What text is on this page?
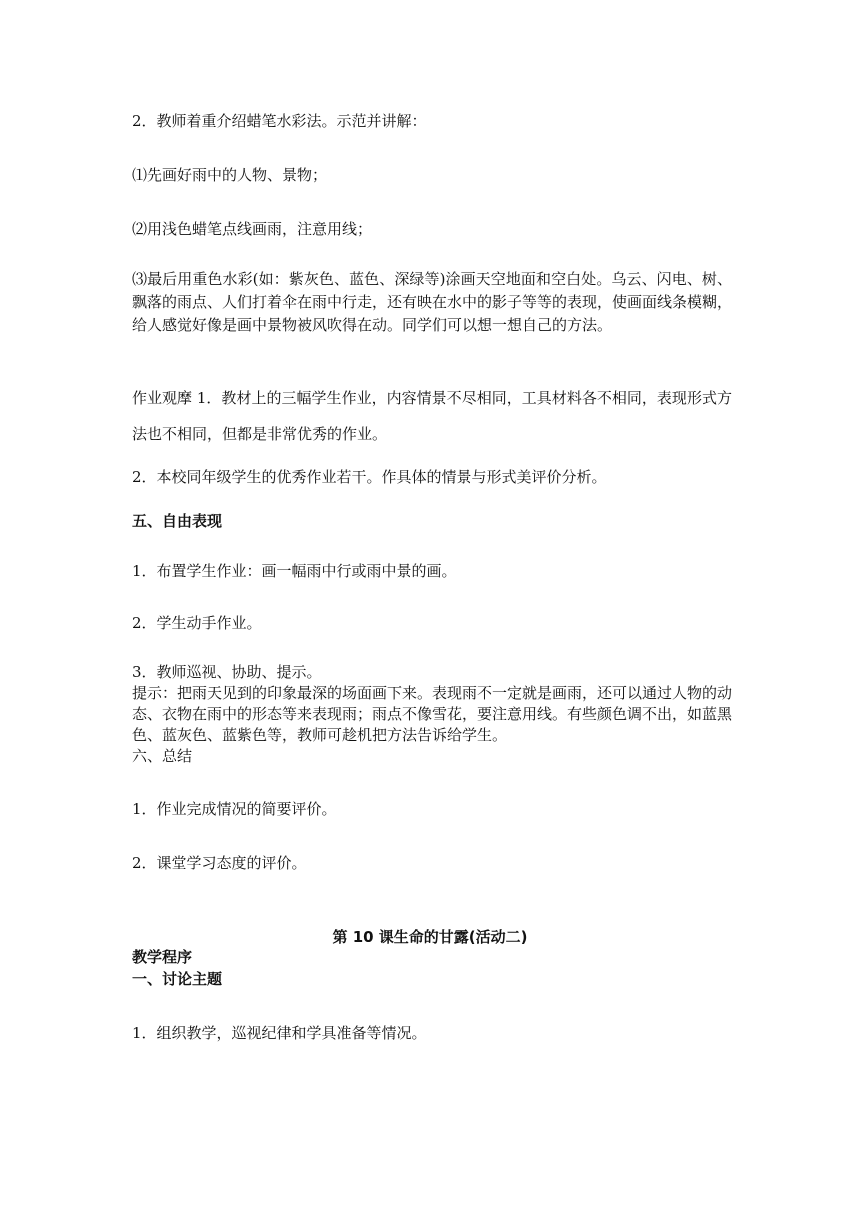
2．教师着重介绍蜡笔水彩法。示范并讲解：

⑴先画好雨中的人物、景物；

⑵用浅色蜡笔点线画雨，注意用线；

⑶最后用重色水彩(如：紫灰色、蓝色、深绿等)涂画天空地面和空白处。乌云、闪电、树、飘落的雨点、人们打着伞在雨中行走，还有映在水中的影子等等的表现，使画面线条模糊，给人感觉好像是画中景物被风吹得在动。同学们可以想一想自己的方法。

作业观摩 1．教材上的三幅学生作业，内容情景不尽相同，工具材料各不相同，表现形式方法也不相同，但都是非常优秀的作业。

2．本校同年级学生的优秀作业若干。作具体的情景与形式美评价分析。

五、自由表现

1．布置学生作业：画一幅雨中行或雨中景的画。

2．学生动手作业。

3．教师巡视、协助、提示。

提示：把雨天见到的印象最深的场面画下来。表现雨不一定就是画雨，还可以通过人物的动态、衣物在雨中的形态等来表现雨；雨点不像雪花，要注意用线。有些颜色调不出，如蓝黑色、蓝灰色、蓝紫色等，教师可趁机把方法告诉给学生。

六、总结

1．作业完成情况的简要评价。

2．课堂学习态度的评价。

第 10 课生命的甘露(活动二)

教学程序

一、讨论主题

1．组织教学，巡视纪律和学具准备等情况。
